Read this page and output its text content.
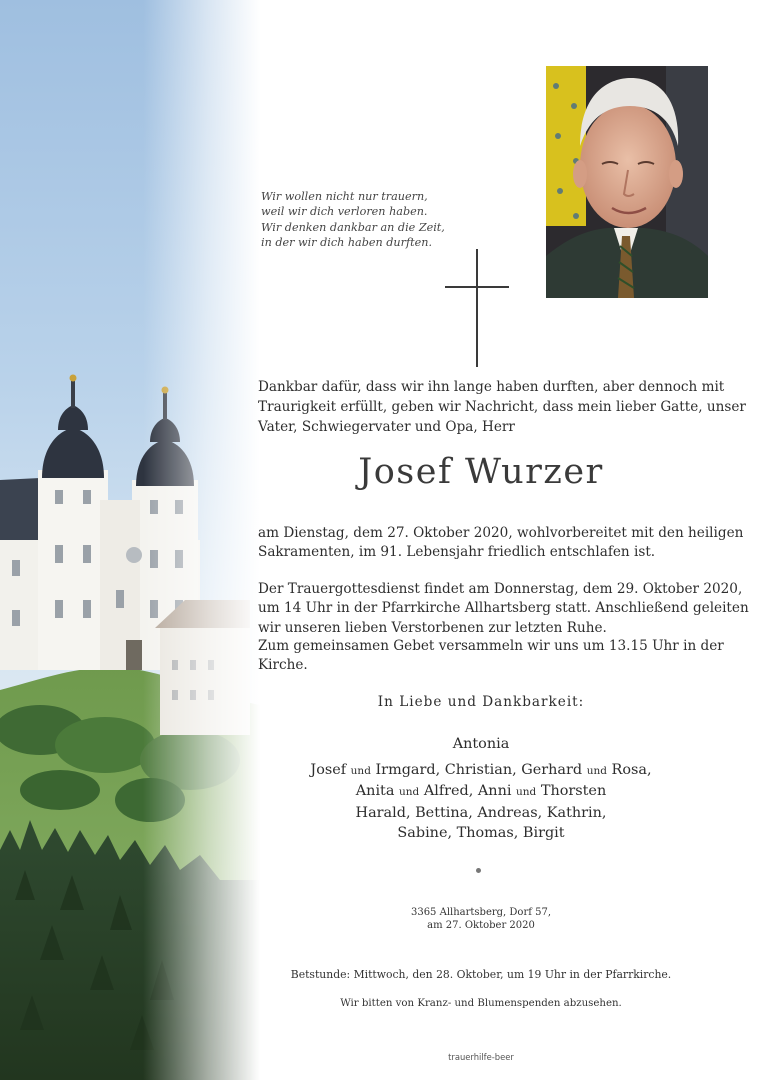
Wir wollen nicht nur trauern,
weil wir dich verloren haben.
Wir denken dankbar an die Zeit,
in der wir dich haben durften.
Dankbar dafür, dass wir ihn lange haben durften, aber dennoch mit
Traurigkeit erfüllt, geben wir Nachricht, dass mein lieber Gatte, unser
Vater, Schwiegervater und Opa, Herr
Josef Wurzer
am Dienstag, dem 27. Oktober 2020, wohlvorbereitet mit den heiligen
Sakramenten, im 91. Lebensjahr friedlich entschlafen ist.
Der Trauergottesdienst findet am Donnerstag, dem 29. Oktober 2020,
um 14 Uhr in der Pfarrkirche Allhartsberg statt. Anschließend geleiten
wir unseren lieben Verstorbenen zur letzten Ruhe.
Zum gemeinsamen Gebet versammeln wir uns um 13.15 Uhr in der
Kirche.
In Liebe und Dankbarkeit:
Antonia
Josef und Irmgard, Christian, Gerhard und Rosa,
Anita und Alfred, Anni und Thorsten
Harald, Bettina, Andreas, Kathrin,
Sabine, Thomas, Birgit
3365 Allhartsberg, Dorf 57,
am 27. Oktober 2020
Betstunde: Mittwoch, den 28. Oktober, um 19 Uhr in der Pfarrkirche.
Wir bitten von Kranz- und Blumenspenden abzusehen.
trauerhilfe-beer
